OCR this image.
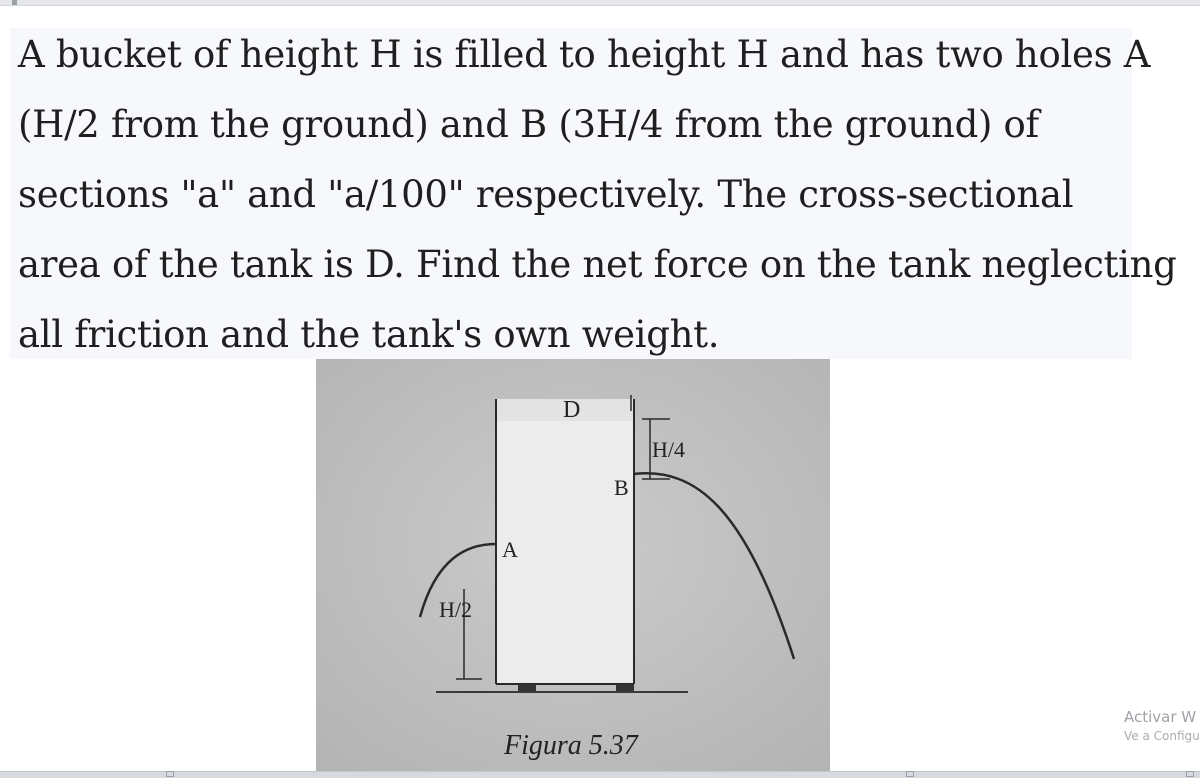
A bucket of height H is filled to height H and has two holes A

(H/2 from the ground) and B (3H/4 from the ground) of

sections "a" and "a/100" respectively. The cross-sectional

area of the tank is D. Find the net force on the tank neglecting

all friction and the tank's own weight.

D
H/4
B
A
H/2
Figura 5.37
Activar W
Ve a Configu
